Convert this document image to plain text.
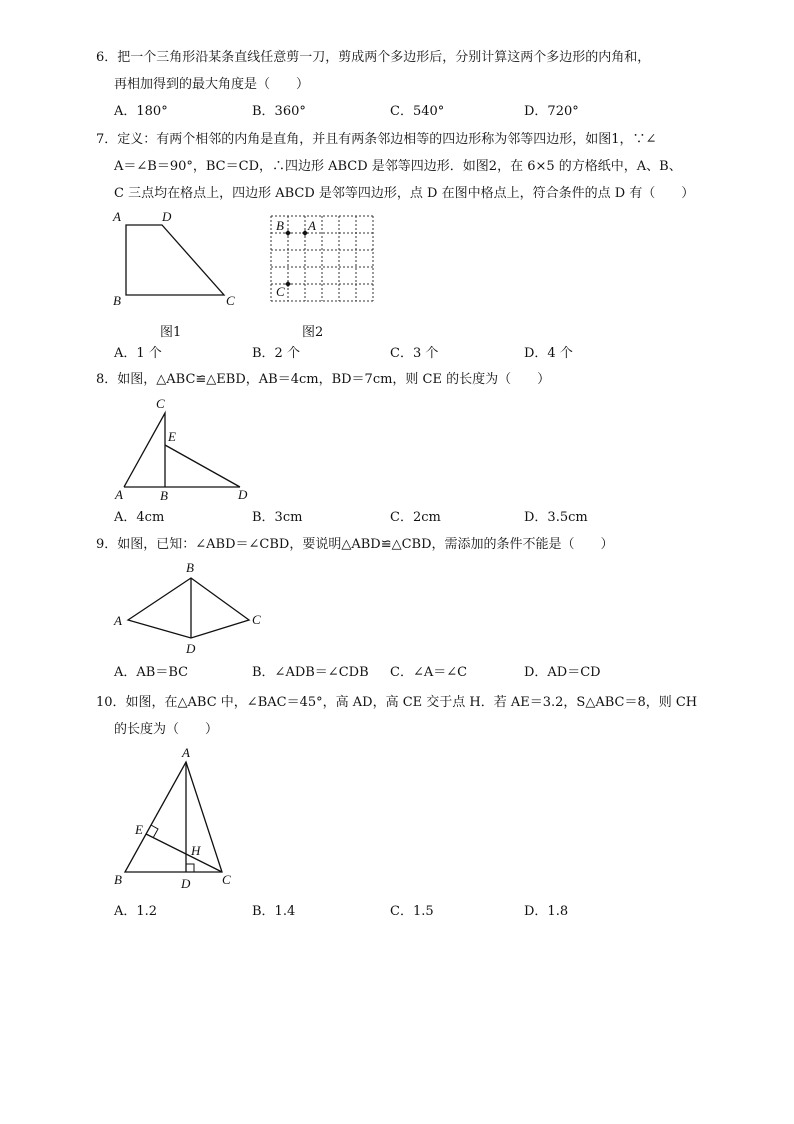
6．把一个三角形沿某条直线任意剪一刀，剪成两个多边形后，分别计算这两个多边形的内角和，
再相加得到的最大角度是（　　）
A．180°	B．360°	C．540°	D．720°
7．定义：有两个相邻的内角是直角，并且有两条邻边相等的四边形称为邻等四边形，如图1，∵∠
A＝∠B＝90°，BC＝CD，∴四边形 ABCD 是邻等四边形．如图2，在 6×5 的方格纸中，A、B、
C 三点均在格点上，四边形 ABCD 是邻等四边形，点 D 在图中格点上，符合条件的点 D 有（　　）
A	D
B	C
B A
C
图1	图2
A．1 个	B．2 个	C．3 个	D．4 个
8．如图，△ABC≌△EBD，AB＝4cm，BD＝7cm，则 CE 的长度为（　　）
C
E
A	B	D
A．4cm	B．3cm	C．2cm	D．3.5cm
9．如图，已知：∠ABD＝∠CBD，要说明△ABD≌△CBD，需添加的条件不能是（　　）
B
A	C
D
A．AB＝BC	B．∠ADB＝∠CDB C．∠A＝∠C	D．AD＝CD
10．如图，在△ABC 中，∠BAC＝45°，高 AD，高 CE 交于点 H．若 AE＝3.2，S△ABC＝8，则 CH
的长度为（　　）
A
E
H
B	D C
A．1.2	B．1.4	C．1.5	D．1.8
